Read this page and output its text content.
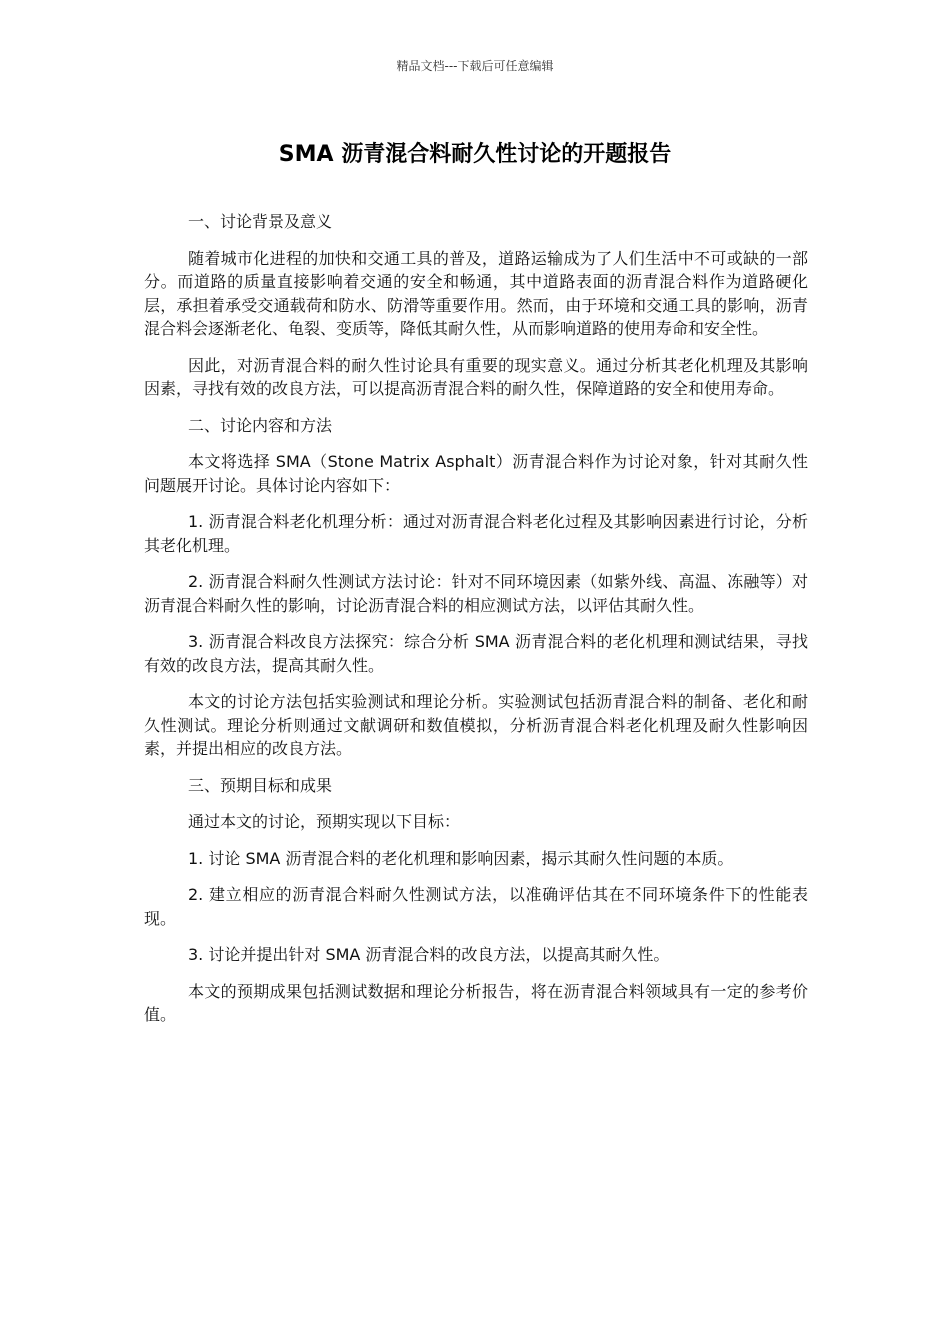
精品文档---下载后可任意编辑
SMA 沥青混合料耐久性讨论的开题报告

一、讨论背景及意义

随着城市化进程的加快和交通工具的普及，道路运输成为了人们生活中不可或缺的一部分。而道路的质量直接影响着交通的安全和畅通，其中道路表面的沥青混合料作为道路硬化层，承担着承受交通载荷和防水、防滑等重要作用。然而，由于环境和交通工具的影响，沥青混合料会逐渐老化、龟裂、变质等，降低其耐久性，从而影响道路的使用寿命和安全性。

因此，对沥青混合料的耐久性讨论具有重要的现实意义。通过分析其老化机理及其影响因素，寻找有效的改良方法，可以提高沥青混合料的耐久性，保障道路的安全和使用寿命。

二、讨论内容和方法

本文将选择 SMA（Stone Matrix Asphalt）沥青混合料作为讨论对象，针对其耐久性问题展开讨论。具体讨论内容如下：

1. 沥青混合料老化机理分析：通过对沥青混合料老化过程及其影响因素进行讨论，分析其老化机理。

2. 沥青混合料耐久性测试方法讨论：针对不同环境因素（如紫外线、高温、冻融等）对沥青混合料耐久性的影响，讨论沥青混合料的相应测试方法，以评估其耐久性。

3. 沥青混合料改良方法探究：综合分析 SMA 沥青混合料的老化机理和测试结果，寻找有效的改良方法，提高其耐久性。

本文的讨论方法包括实验测试和理论分析。实验测试包括沥青混合料的制备、老化和耐久性测试。理论分析则通过文献调研和数值模拟，分析沥青混合料老化机理及耐久性影响因素，并提出相应的改良方法。

三、预期目标和成果

通过本文的讨论，预期实现以下目标：

1. 讨论 SMA 沥青混合料的老化机理和影响因素，揭示其耐久性问题的本质。

2. 建立相应的沥青混合料耐久性测试方法，以准确评估其在不同环境条件下的性能表现。

3. 讨论并提出针对 SMA 沥青混合料的改良方法，以提高其耐久性。

本文的预期成果包括测试数据和理论分析报告，将在沥青混合料领域具有一定的参考价值。
